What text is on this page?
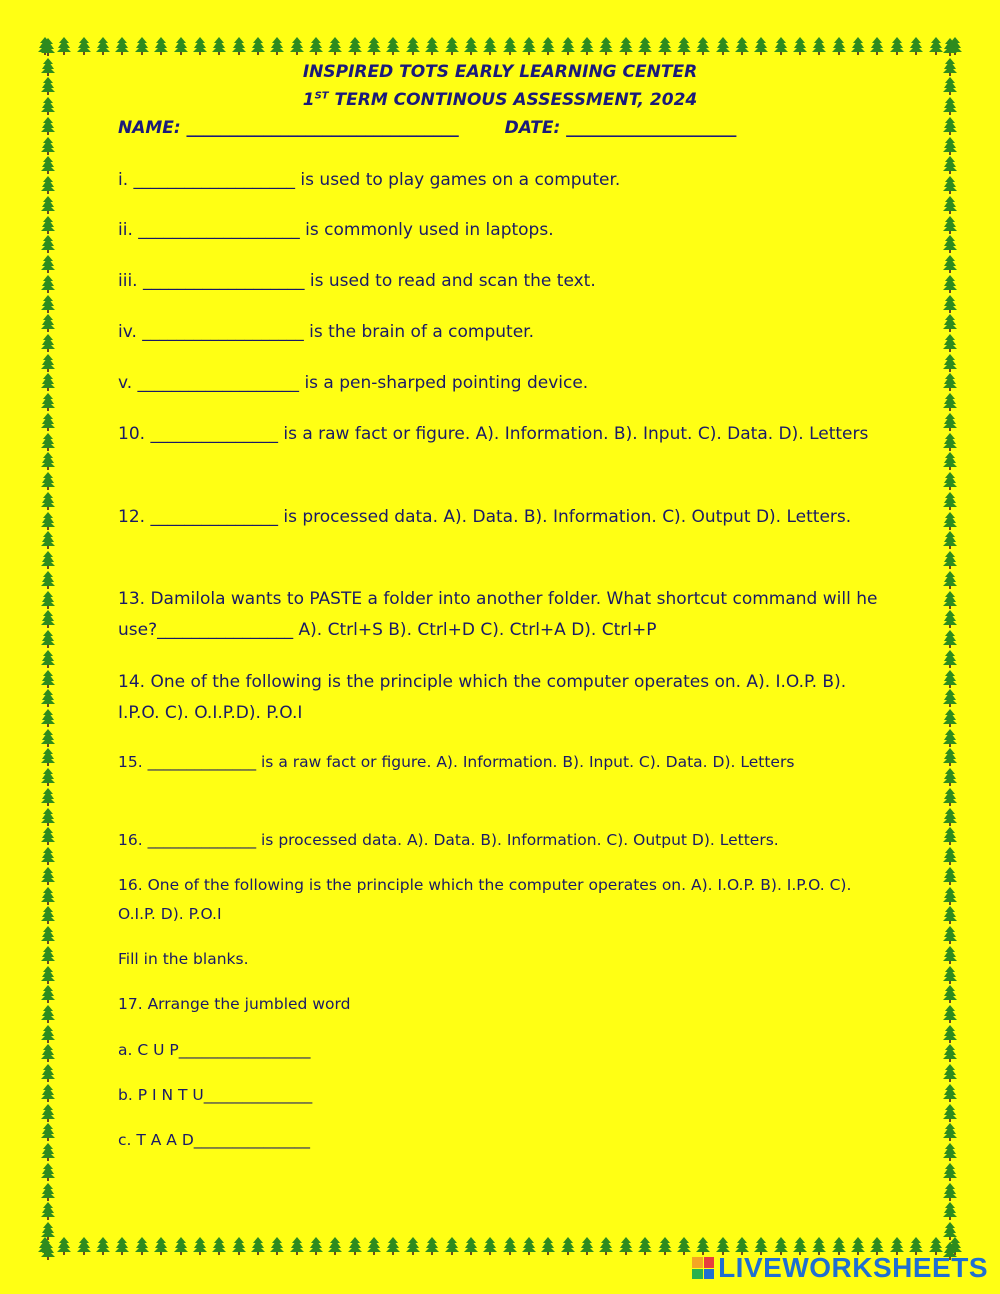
INSPIRED TOTS EARLY LEARNING CENTER
1ST TERM CONTINOUS ASSESSMENT, 2024
NAME: ________________________________	DATE: ____________________
i. ___________________ is used to play games on a computer.
ii. ___________________ is commonly used in laptops.
iii. ___________________ is used to read and scan the text.
iv. ___________________ is the brain of a computer.
v. ___________________ is a pen-sharped pointing device.
10. _______________ is a raw fact or figure. A). Information. B). Input. C). Data. D). Letters
12. _______________ is processed data. A). Data. B). Information. C). Output D). Letters.
13. Damilola wants to PASTE a folder into another folder. What shortcut command will he use?________________ A). Ctrl+S B). Ctrl+D C). Ctrl+A D). Ctrl+P
14. One of the following is the principle which the computer operates on. A). I.O.P. B). I.P.O. C). O.I.P.D). P.O.I
15. ______________ is a raw fact or figure. A). Information. B). Input. C). Data. D). Letters
16. ______________ is processed data. A). Data. B). Information. C). Output D). Letters.
16. One of the following is the principle which the computer operates on. A). I.O.P. B). I.P.O. C). O.I.P. D). P.O.I
Fill in the blanks.
17. Arrange the jumbled word
a. C U P_________________
b. P I N T U______________
c. T A A D_______________
LIVEWORKSHEETS
